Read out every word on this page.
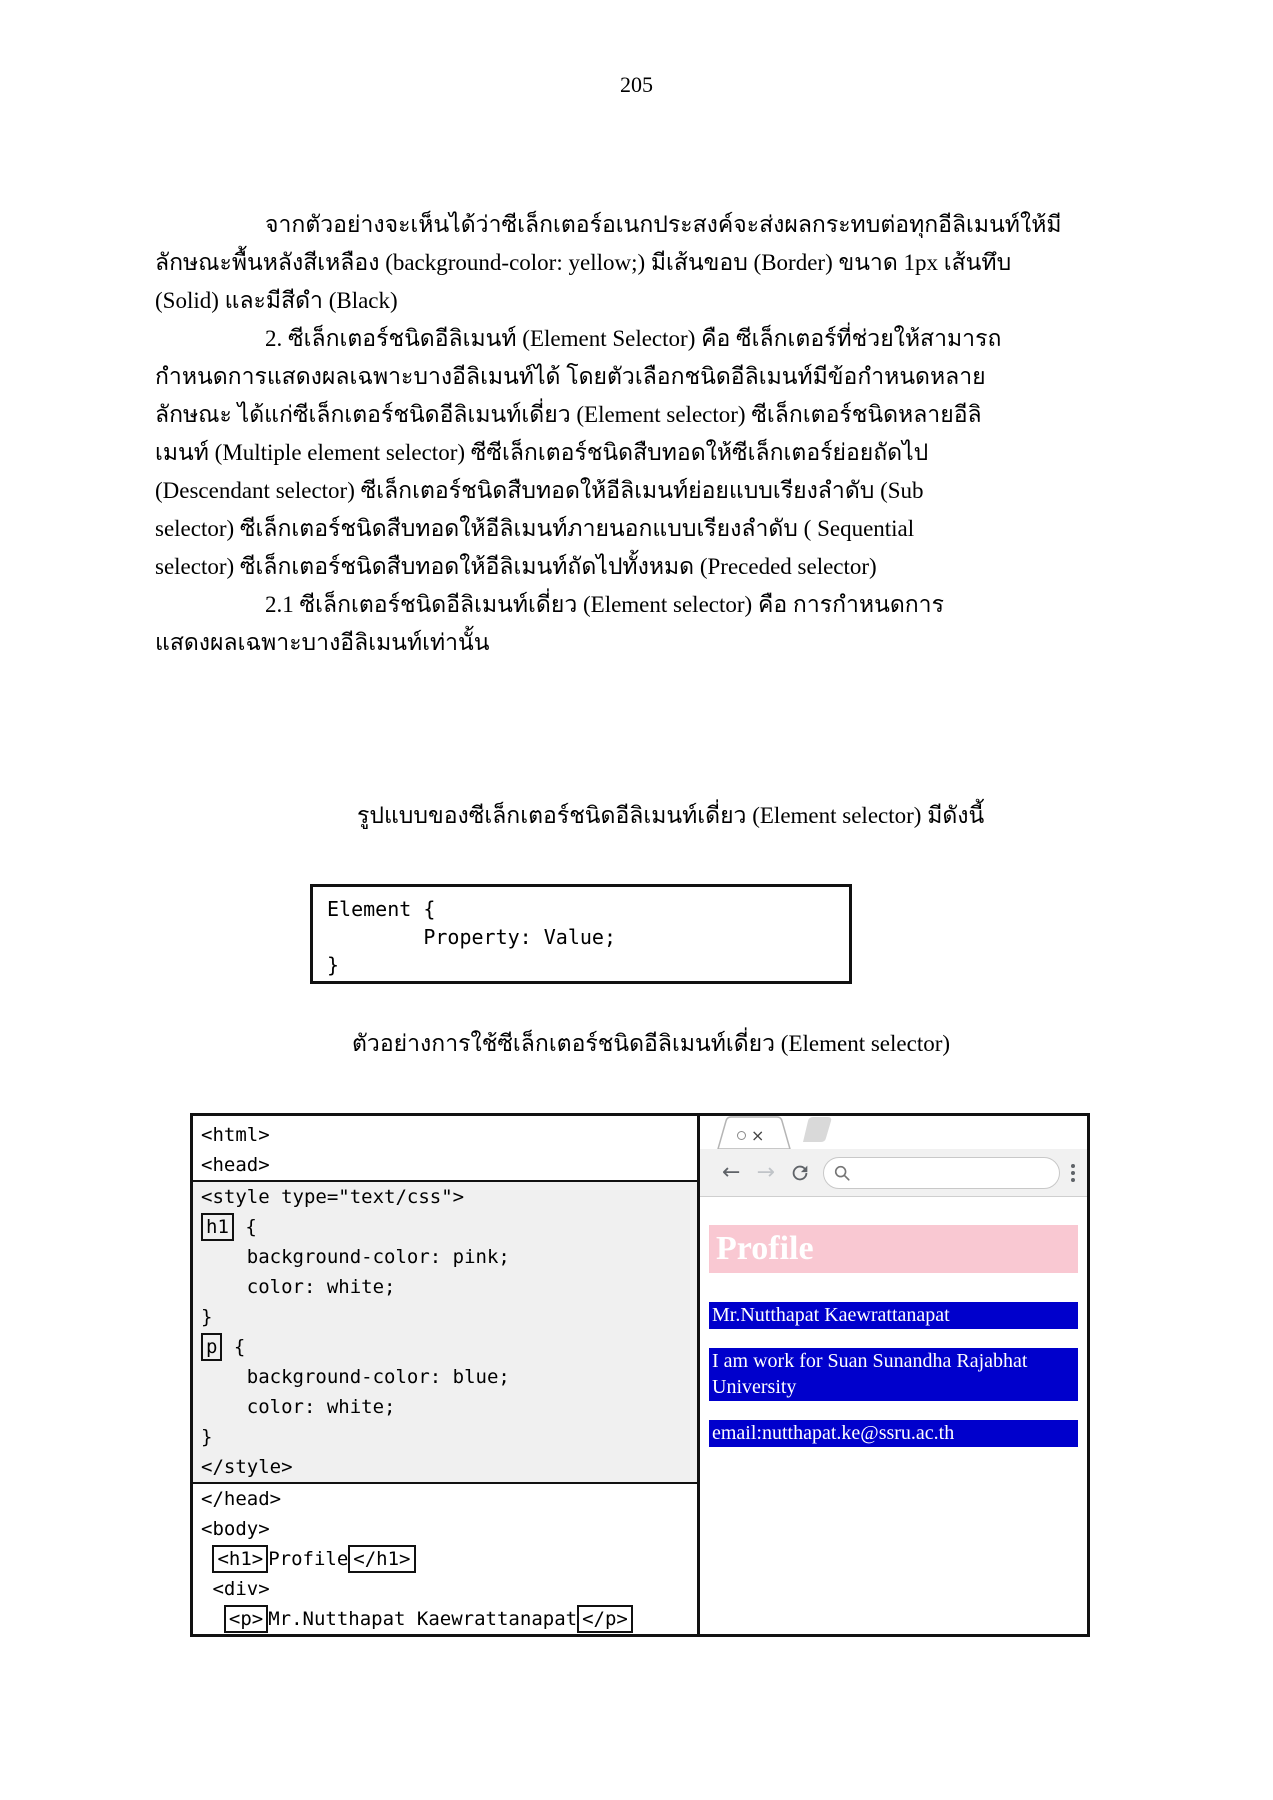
205
จากตัวอย่างจะเห็นได้ว่าซีเล็กเตอร์อเนกประสงค์จะส่งผลกระทบต่อทุกอีลิเมนท์ให้มี
ลักษณะพื้นหลังสีเหลือง (background-color: yellow;) มีเส้นขอบ (Border) ขนาด 1px เส้นทึบ
(Solid) และมีสีดำ (Black)
2. ซีเล็กเตอร์ชนิดอีลิเมนท์ (Element Selector) คือ ซีเล็กเตอร์ที่ช่วยให้สามารถ
กำหนดการแสดงผลเฉพาะบางอีลิเมนท์ได้ โดยตัวเลือกชนิดอีลิเมนท์มีข้อกำหนดหลาย
ลักษณะ ได้แก่ซีเล็กเตอร์ชนิดอีลิเมนท์เดี่ยว (Element selector) ซีเล็กเตอร์ชนิดหลายอีลิ
เมนท์ (Multiple element selector) ซีซีเล็กเตอร์ชนิดสืบทอดให้ซีเล็กเตอร์ย่อยถัดไป
(Descendant selector) ซีเล็กเตอร์ชนิดสืบทอดให้อีลิเมนท์ย่อยแบบเรียงลำดับ (Sub
selector) ซีเล็กเตอร์ชนิดสืบทอดให้อีลิเมนท์ภายนอกแบบเรียงลำดับ ( Sequential
selector) ซีเล็กเตอร์ชนิดสืบทอดให้อีลิเมนท์ถัดไปทั้งหมด (Preceded selector)
2.1 ซีเล็กเตอร์ชนิดอีลิเมนท์เดี่ยว (Element selector) คือ การกำหนดการ
แสดงผลเฉพาะบางอีลิเมนท์เท่านั้น
รูปแบบของซีเล็กเตอร์ชนิดอีลิเมนท์เดี่ยว (Element selector) มีดังนี้
Element {
Property: Value;
}
ตัวอย่างการใช้ซีเล็กเตอร์ชนิดอีลิเมนท์เดี่ยว (Element selector)
<html>
<head>
<style type="text/css">
h1 {
background-color: pink;
color: white;
}
p {
background-color: blue;
color: white;
}
</style>
</head>
<body>
<h1> Profile </h1>
<div>
<p> Mr.Nutthapat Kaewrattanapat </p>
×
← →
Profile

Mr.Nutthapat Kaewrattanapat

I am work for Suan Sunandha Rajabhat University

email:nutthapat.ke@ssru.ac.th
